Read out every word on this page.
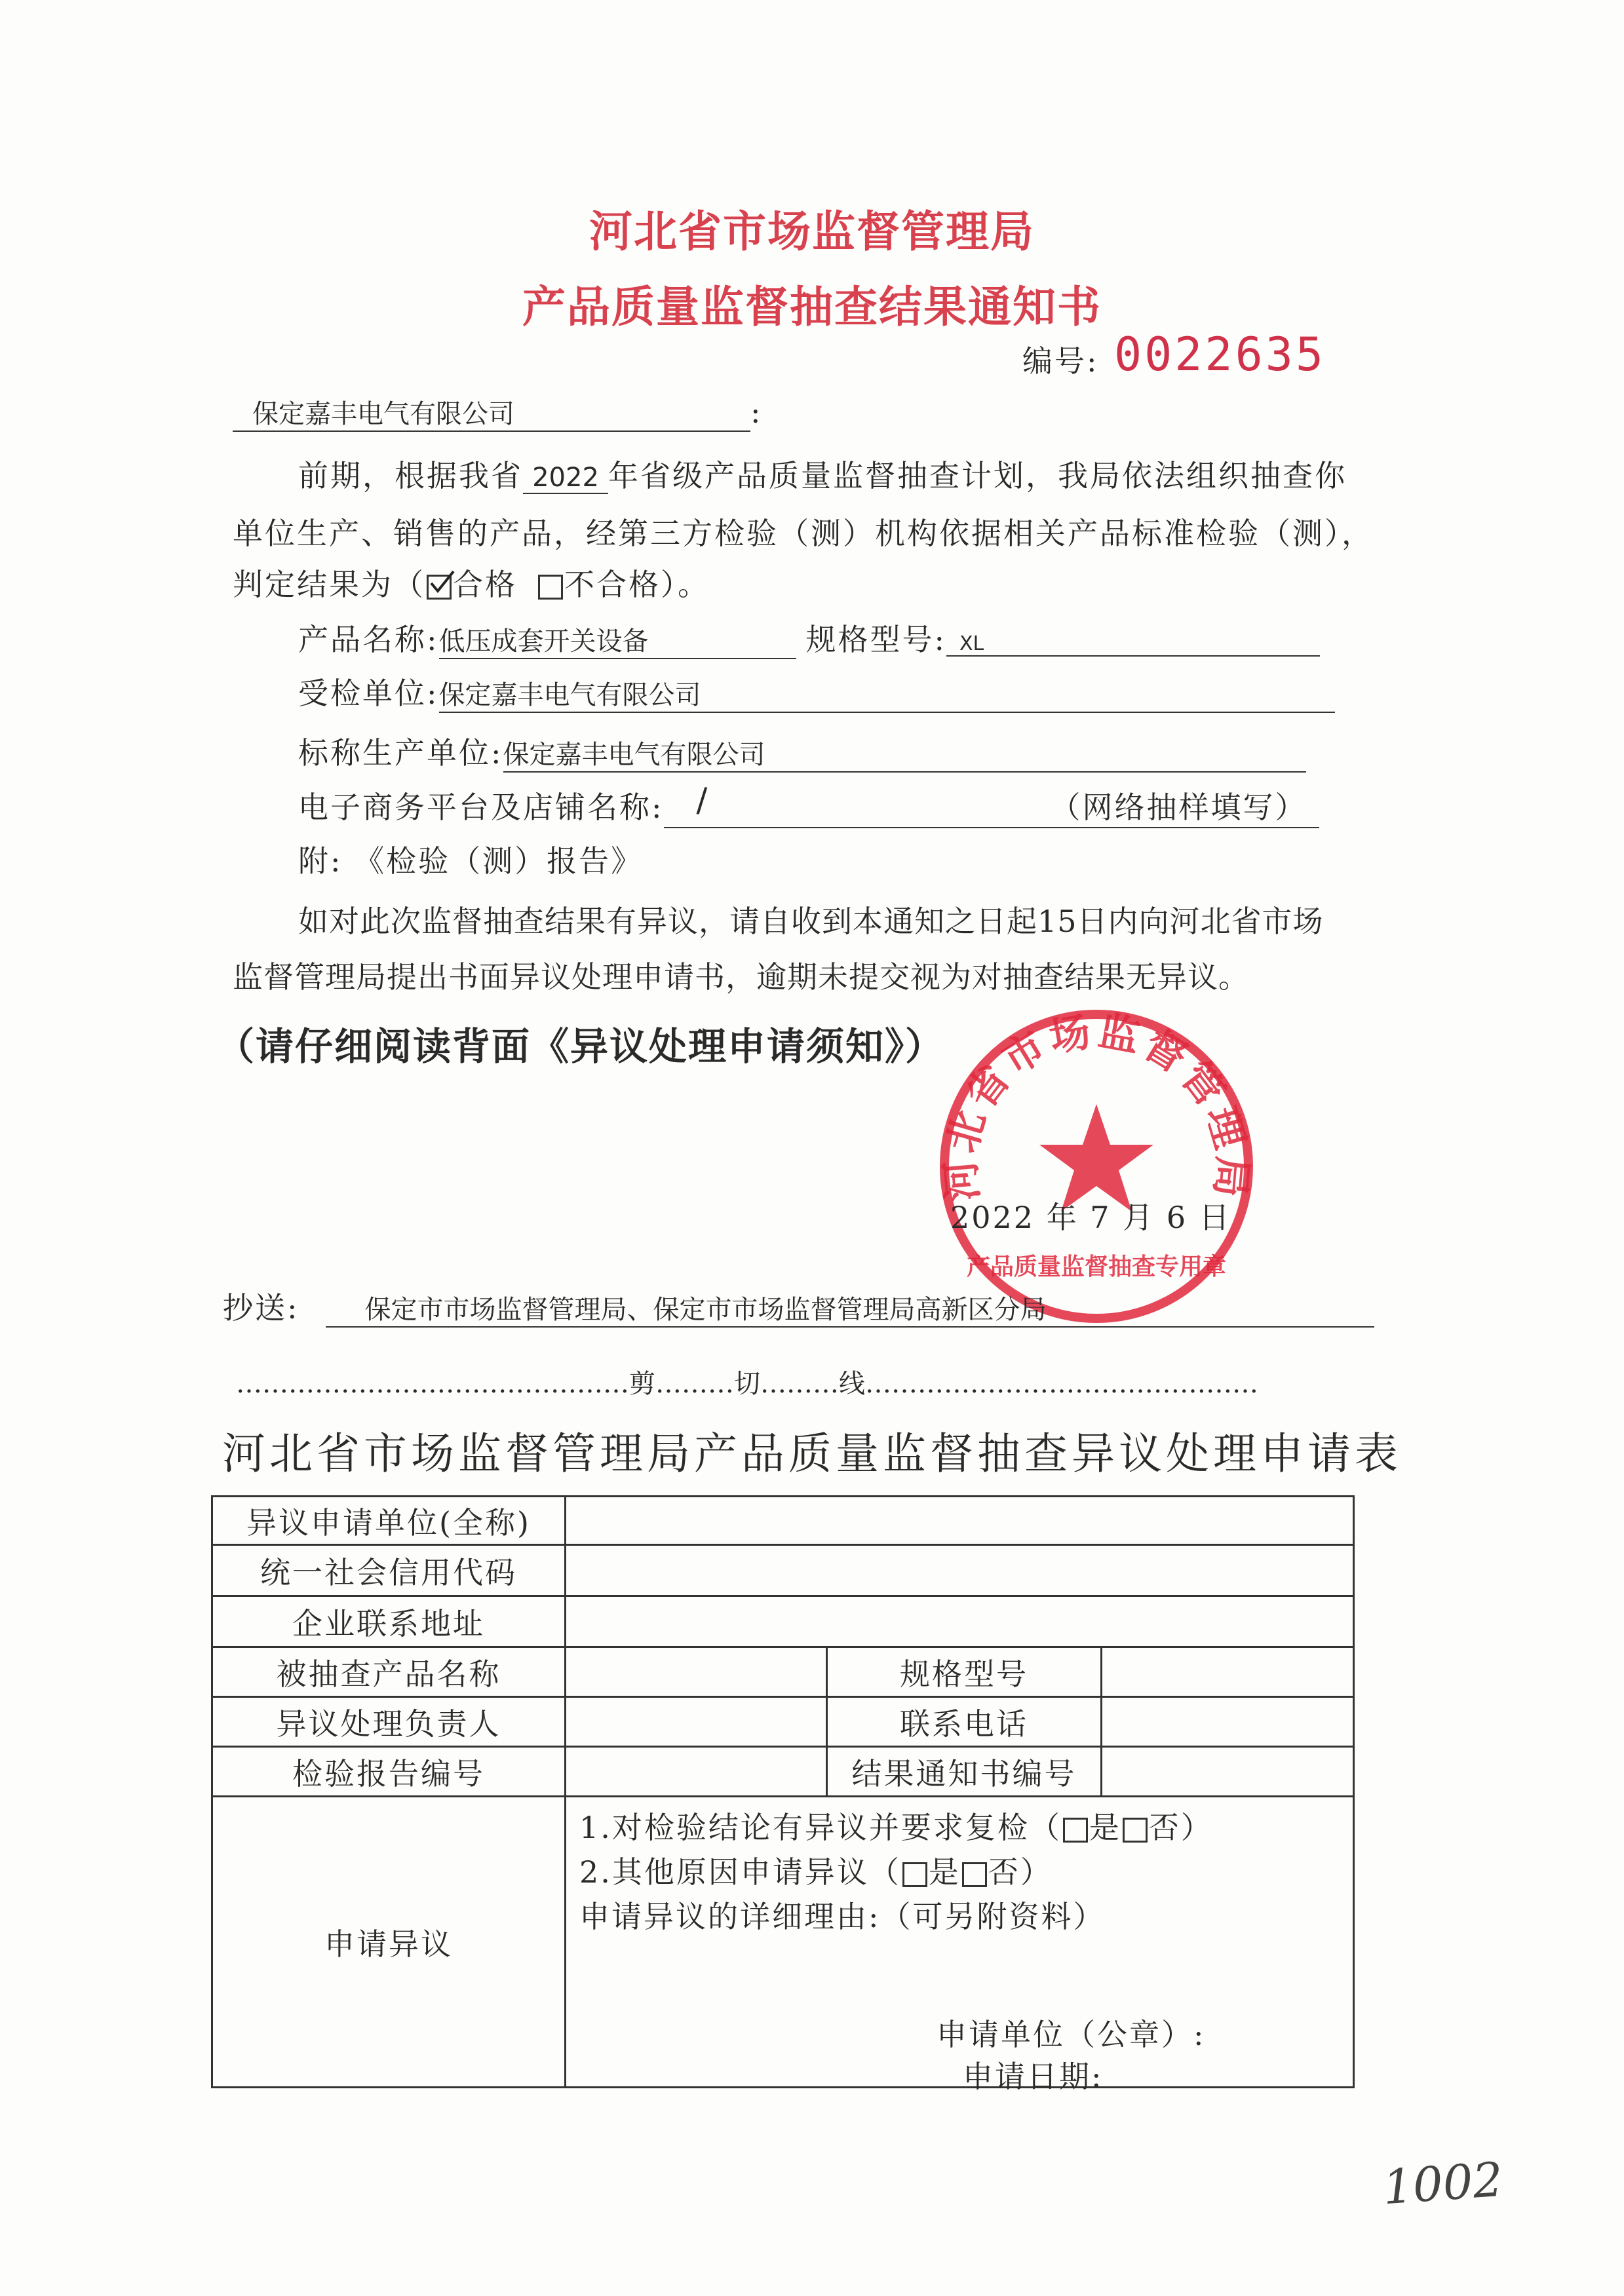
河北省市场监督管理局
产品质量监督抽查结果通知书
编号: 0022635
保定嘉丰电气有限公司	:
前期，根据我省 2022 年省级产品质量监督抽查计划，我局依法组织抽查你
单位生产、销售的产品，经第三方检验（测）机构依据相关产品标准检验（测），
判定结果为（ 合格 不合格）。
产品名称:低压成套开关设备	规格型号: XL
受检单位:保定嘉丰电气有限公司
标称生产单位:保定嘉丰电气有限公司
电子商务平台及店铺名称: /	（网络抽样填写）
附: 《检验（测）报告》
如对此次监督抽查结果有异议，请自收到本通知之日起15日内向河北省市场
监督管理局提出书面异议处理申请书，逾期未提交视为对抽查结果无异议。
（请仔细阅读背面《异议处理申请须知》）
河北省市场监督管理局
产品质量监督抽查专用章
2022 年 7 月 6 日
抄送:	保定市市场监督管理局、保定市市场监督管理局高新区分局
………………………………………剪………切………线………………………………………
河北省市场监督管理局产品质量监督抽查异议处理申请表
异议申请单位(全称)			
统一社会信用代码			
企业联系地址			
被抽查产品名称		规格型号	
异议处理负责人		联系电话	
检验报告编号		结果通知书编号	
申请异议	1.对检验结论有异议并要求复检（ 是 否）
2.其他原因申请异议（ 是 否）
申请异议的详细理由:（可另附资料）
申请单位（公章）:
申请日期:		
1002
